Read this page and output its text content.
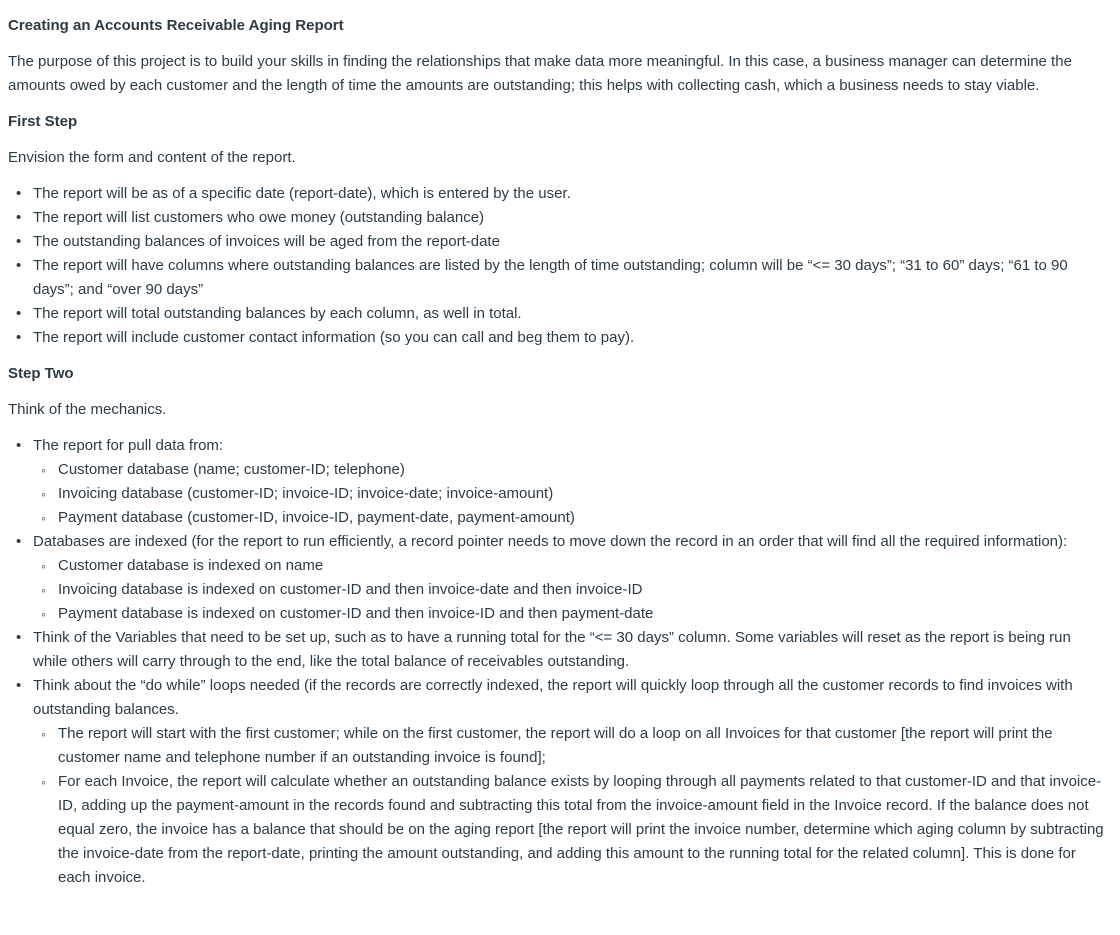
Creating an Accounts Receivable Aging Report
The purpose of this project is to build your skills in finding the relationships that make data more meaningful. In this case, a business manager can determine the amounts owed by each customer and the length of time the amounts are outstanding; this helps with collecting cash, which a business needs to stay viable.
First Step
Envision the form and content of the report.
• The report will be as of a specific date (report-date), which is entered by the user.
• The report will list customers who owe money (outstanding balance)
• The outstanding balances of invoices will be aged from the report-date
• The report will have columns where outstanding balances are listed by the length of time outstanding; column will be “<= 30 days”; “31 to 60” days; “61 to 90 days”; and “over 90 days”
• The report will total outstanding balances by each column, as well in total.
• The report will include customer contact information (so you can call and beg them to pay).
Step Two
Think of the mechanics.
• The report for pull data from:
◦ Customer database (name; customer-ID; telephone)
◦ Invoicing database (customer-ID; invoice-ID; invoice-date; invoice-amount)
◦ Payment database (customer-ID, invoice-ID, payment-date, payment-amount)
• Databases are indexed (for the report to run efficiently, a record pointer needs to move down the record in an order that will find all the required information):
◦ Customer database is indexed on name
◦ Invoicing database is indexed on customer-ID and then invoice-date and then invoice-ID
◦ Payment database is indexed on customer-ID and then invoice-ID and then payment-date
• Think of the Variables that need to be set up, such as to have a running total for the “<= 30 days” column. Some variables will reset as the report is being run while others will carry through to the end, like the total balance of receivables outstanding.
• Think about the “do while” loops needed (if the records are correctly indexed, the report will quickly loop through all the customer records to find invoices with outstanding balances.
◦ The report will start with the first customer; while on the first customer, the report will do a loop on all Invoices for that customer [the report will print the customer name and telephone number if an outstanding invoice is found];
◦ For each Invoice, the report will calculate whether an outstanding balance exists by looping through all payments related to that customer-ID and that invoice-ID, adding up the payment-amount in the records found and subtracting this total from the invoice-amount field in the Invoice record. If the balance does not equal zero, the invoice has a balance that should be on the aging report [the report will print the invoice number, determine which aging column by subtracting the invoice-date from the report-date, printing the amount outstanding, and adding this amount to the running total for the related column]. This is done for each invoice.
